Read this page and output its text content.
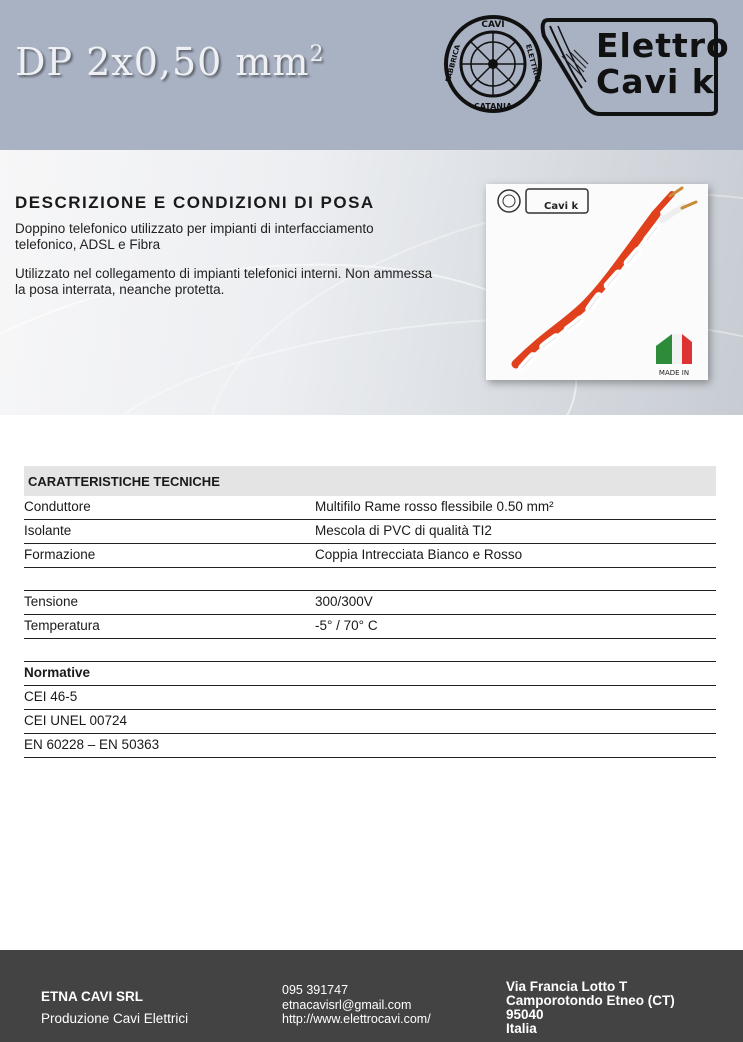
DP 2x0,50 $mm^2$
CAVI
CATANIA
FABBRICA	ELETTRICI Elettro
Cavi k
DESCRIZIONE E CONDIZIONI DI POSA
Doppino telefonico utilizzato per impianti di interfacciamento telefonico, ADSL e Fibra
Utilizzato nel collegamento di impianti telefonici interni. Non ammessa la posa interrata, neanche protetta.
Cavi k
MADE IN
CARATTERISTICHE TECNICHE
Conduttore	Multifilo Rame rosso flessibile 0.50 mm²
Isolante	Mescola di PVC di qualità TI2
Formazione	Coppia Intrecciata Bianco e Rosso
Tensione	300/300V
Temperatura	-5° / 70° C
Normative
CEI 46-5
CEI UNEL 00724
EN 60228 – EN 50363
ETNA CAVI SRL
Produzione Cavi Elettrici
095 391747
etnacavisrl@gmail.com
http://www.elettrocavi.com/
Via Francia Lotto T
Camporotondo Etneo (CT)
95040
Italia
